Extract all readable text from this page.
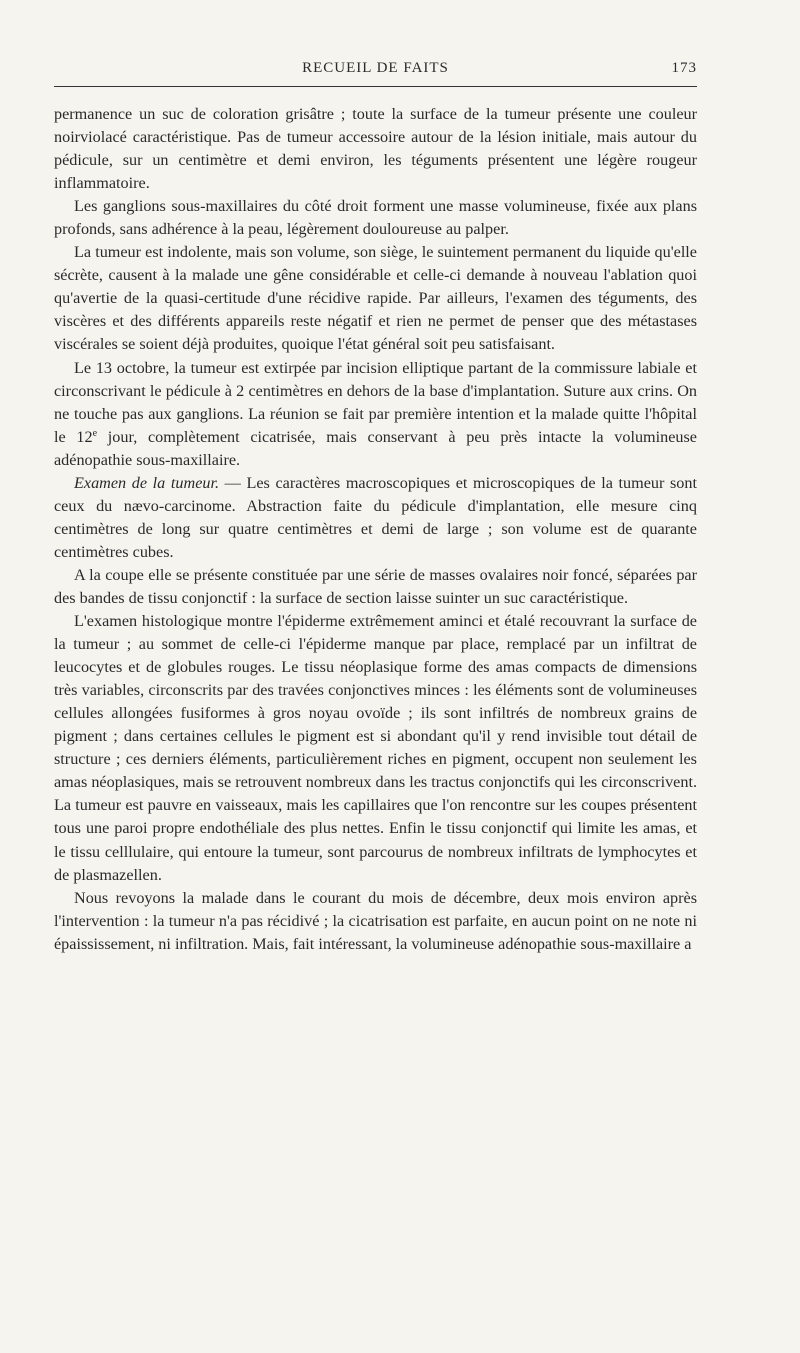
RECUEIL DE FAITS	173

permanence un suc de coloration grisâtre ; toute la surface de la tumeur présente une couleur noirviolacé caractéristique. Pas de tumeur accessoire autour de la lésion initiale, mais autour du pédicule, sur un centimètre et demi environ, les téguments présentent une légère rougeur inflammatoire.

Les ganglions sous-maxillaires du côté droit forment une masse volumineuse, fixée aux plans profonds, sans adhérence à la peau, légèrement douloureuse au palper.

La tumeur est indolente, mais son volume, son siège, le suintement permanent du liquide qu'elle sécrète, causent à la malade une gêne considérable et celle-ci demande à nouveau l'ablation quoi qu'avertie de la quasi-certitude d'une récidive rapide. Par ailleurs, l'examen des téguments, des viscères et des différents appareils reste négatif et rien ne permet de penser que des métastases viscérales se soient déjà produites, quoique l'état général soit peu satisfaisant.

Le 13 octobre, la tumeur est extirpée par incision elliptique partant de la commissure labiale et circonscrivant le pédicule à 2 centimètres en dehors de la base d'implantation. Suture aux crins. On ne touche pas aux ganglions. La réunion se fait par première intention et la malade quitte l'hôpital le 12e jour, complètement cicatrisée, mais conservant à peu près intacte la volumineuse adénopathie sous-maxillaire.

Examen de la tumeur. — Les caractères macroscopiques et microscopiques de la tumeur sont ceux du nævo-carcinome. Abstraction faite du pédicule d'implantation, elle mesure cinq centimètres de long sur quatre centimètres et demi de large ; son volume est de quarante centimètres cubes.

A la coupe elle se présente constituée par une série de masses ovalaires noir foncé, séparées par des bandes de tissu conjonctif : la surface de section laisse suinter un suc caractéristique.

L'examen histologique montre l'épiderme extrêmement aminci et étalé recouvrant la surface de la tumeur ; au sommet de celle-ci l'épiderme manque par place, remplacé par un infiltrat de leucocytes et de globules rouges. Le tissu néoplasique forme des amas compacts de dimensions très variables, circonscrits par des travées conjonctives minces : les éléments sont de volumineuses cellules allongées fusiformes à gros noyau ovoïde ; ils sont infiltrés de nombreux grains de pigment ; dans certaines cellules le pigment est si abondant qu'il y rend invisible tout détail de structure ; ces derniers éléments, particulièrement riches en pigment, occupent non seulement les amas néoplasiques, mais se retrouvent nombreux dans les tractus conjonctifs qui les circonscrivent. La tumeur est pauvre en vaisseaux, mais les capillaires que l'on rencontre sur les coupes présentent tous une paroi propre endothéliale des plus nettes. Enfin le tissu conjonctif qui limite les amas, et le tissu celllulaire, qui entoure la tumeur, sont parcourus de nombreux infiltrats de lymphocytes et de plasmazellen.

Nous revoyons la malade dans le courant du mois de décembre, deux mois environ après l'intervention : la tumeur n'a pas récidivé ; la cicatrisation est parfaite, en aucun point on ne note ni épaississement, ni infiltration. Mais, fait intéressant, la volumineuse adénopathie sous-maxillaire a
